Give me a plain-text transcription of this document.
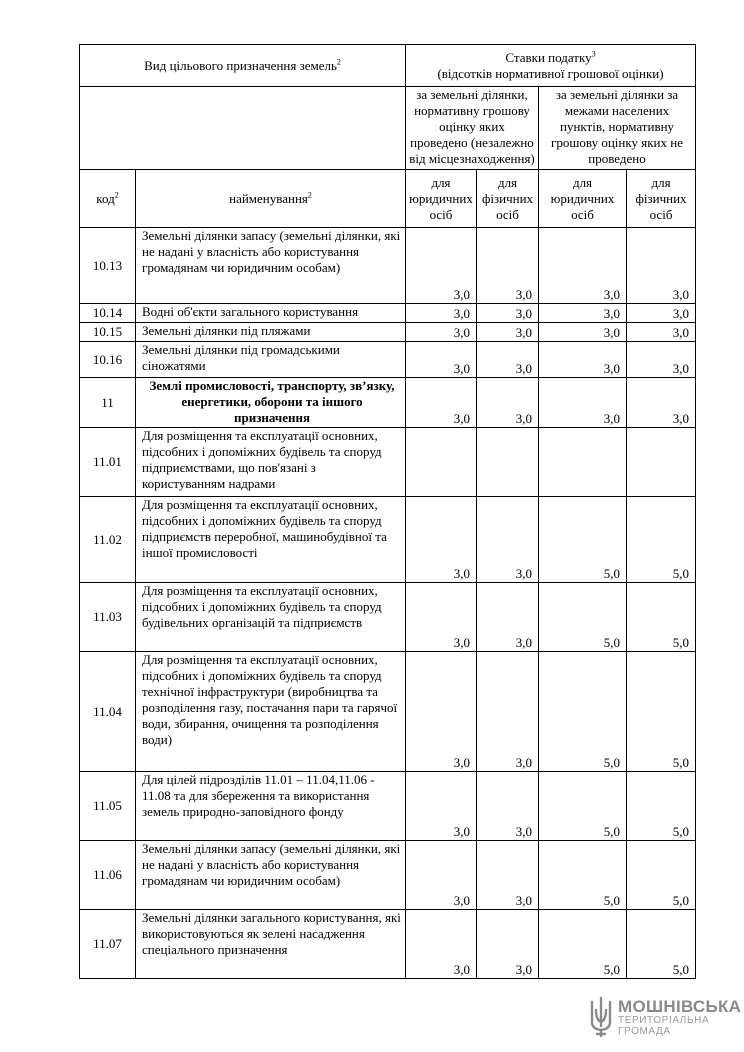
Вид цільового призначення земель$^2$		Ставки податку$^3$
(відсотків нормативної грошової оцінки)			
		за земельні ділянки, нормативну грошову оцінку яких проведено (незалежно від місцезнаходження)		за земельні ділянки за межами населених пунктів, нормативну грошову оцінку яких не проведено	
код$^2$	найменування$^2$	для юридичних осіб	для фізичних осіб	для юридичних осіб	для фізичних осіб
10.13	Земельні ділянки запасу (земельні ділянки, які не надані у власність або користування громадянам чи юридичним особам)	3,0	3,0	3,0	3,0
10.14	Водні об'єкти загального користування	3,0	3,0	3,0	3,0
10.15	Земельні ділянки під пляжами	3,0	3,0	3,0	3,0
10.16	Земельні ділянки під громадськими сіножатями	3,0	3,0	3,0	3,0
11	Землі промисловості, транспорту, зв’язку, енергетики, оборони та іншого призначення	3,0	3,0	3,0	3,0
11.01	Для розміщення та експлуатації основних, підсобних і допоміжних будівель та споруд підприємствами, що пов'язані з користуванням надрами				
11.02	Для розміщення та експлуатації основних, підсобних і допоміжних будівель та споруд підприємств переробної, машинобудівної та іншої промисловості	3,0	3,0	5,0	5,0
11.03	Для розміщення та експлуатації основних, підсобних і допоміжних будівель та споруд будівельних організацій та підприємств	3,0	3,0	5,0	5,0
11.04	Для розміщення та експлуатації основних, підсобних і допоміжних будівель та споруд технічної інфраструктури (виробництва та розподілення газу, постачання пари та гарячої води, збирання, очищення та розподілення води)	3,0	3,0	5,0	5,0
11.05	Для цілей підрозділів 11.01 – 11.04,11.06 - 11.08 та для збереження та використання земель природно-заповідного фонду	3,0	3,0	5,0	5,0
11.06	Земельні ділянки запасу (земельні ділянки, які не надані у власність або користування громадянам чи юридичним особам)	3,0	3,0	5,0	5,0
11.07	Земельні ділянки загального користування, які використовуються як зелені насадження спеціального призначення	3,0	3,0	5,0	5,0
МОШНІВСЬКА
ТЕРИТОРІАЛЬНА
ГРОМАДА
